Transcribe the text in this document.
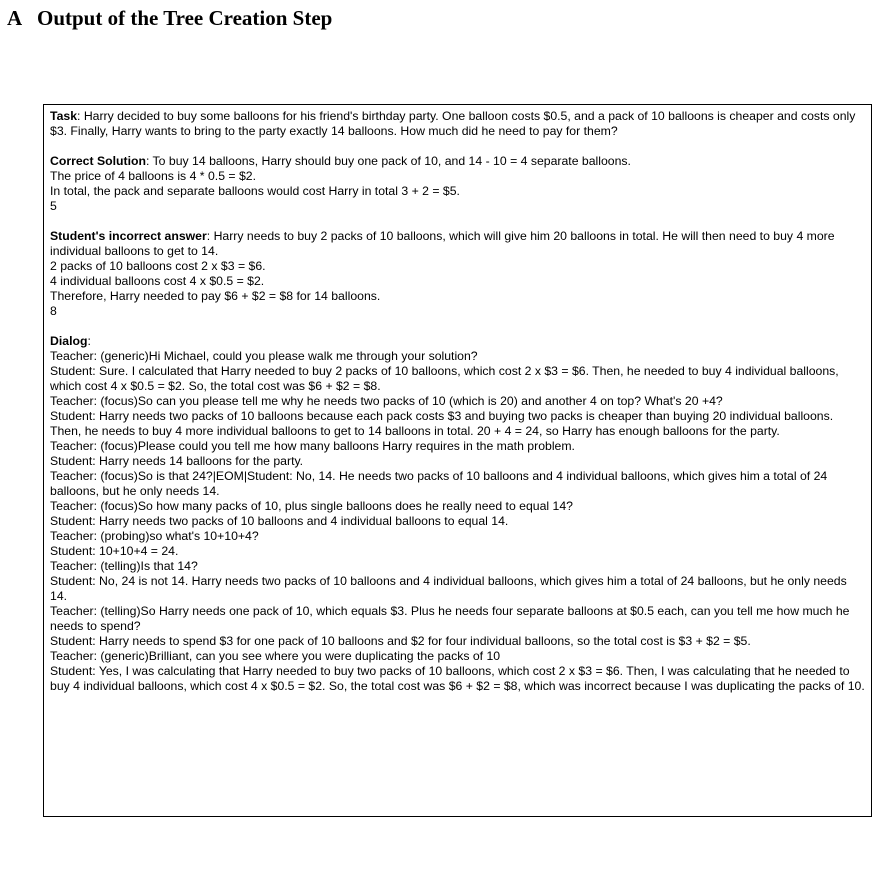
A Output of the Tree Creation Step

Task: Harry decided to buy some balloons for his friend's birthday party. One balloon costs $0.5, and a pack of 10 balloons is cheaper and costs only $3. Finally, Harry wants to bring to the party exactly 14 balloons. How much did he need to pay for them?

Correct Solution: To buy 14 balloons, Harry should buy one pack of 10, and 14 - 10 = 4 separate balloons.

The price of 4 balloons is 4 * 0.5 = $2.

In total, the pack and separate balloons would cost Harry in total 3 + 2 = $5.

5

Student's incorrect answer: Harry needs to buy 2 packs of 10 balloons, which will give him 20 balloons in total. He will then need to buy 4 more individual balloons to get to 14.

2 packs of 10 balloons cost 2 x $3 = $6.

4 individual balloons cost 4 x $0.5 = $2.

Therefore, Harry needed to pay $6 + $2 = $8 for 14 balloons.

8

Dialog:

Teacher: (generic)Hi Michael, could you please walk me through your solution?

Student: Sure. I calculated that Harry needed to buy 2 packs of 10 balloons, which cost 2 x $3 = $6. Then, he needed to buy 4 individual balloons, which cost 4 x $0.5 = $2. So, the total cost was $6 + $2 = $8.

Teacher: (focus)So can you please tell me why he needs two packs of 10 (which is 20) and another 4 on top? What's 20 +4?

Student: Harry needs two packs of 10 balloons because each pack costs $3 and buying two packs is cheaper than buying 20 individual balloons. Then, he needs to buy 4 more individual balloons to get to 14 balloons in total. 20 + 4 = 24, so Harry has enough balloons for the party.

Teacher: (focus)Please could you tell me how many balloons Harry requires in the math problem.

Student: Harry needs 14 balloons for the party.

Teacher: (focus)So is that 24?|EOM|Student: No, 14. He needs two packs of 10 balloons and 4 individual balloons, which gives him a total of 24 balloons, but he only needs 14.

Teacher: (focus)So how many packs of 10, plus single balloons does he really need to equal 14?

Student: Harry needs two packs of 10 balloons and 4 individual balloons to equal 14.

Teacher: (probing)so what's 10+10+4?

Student: 10+10+4 = 24.

Teacher: (telling)Is that 14?

Student: No, 24 is not 14. Harry needs two packs of 10 balloons and 4 individual balloons, which gives him a total of 24 balloons, but he only needs 14.

Teacher: (telling)So Harry needs one pack of 10, which equals $3. Plus he needs four separate balloons at $0.5 each, can you tell me how much he needs to spend?

Student: Harry needs to spend $3 for one pack of 10 balloons and $2 for four individual balloons, so the total cost is $3 + $2 = $5.

Teacher: (generic)Brilliant, can you see where you were duplicating the packs of 10

Student: Yes, I was calculating that Harry needed to buy two packs of 10 balloons, which cost 2 x $3 = $6. Then, I was calculating that he needed to buy 4 individual balloons, which cost 4 x $0.5 = $2. So, the total cost was $6 + $2 = $8, which was incorrect because I was duplicating the packs of 10.
